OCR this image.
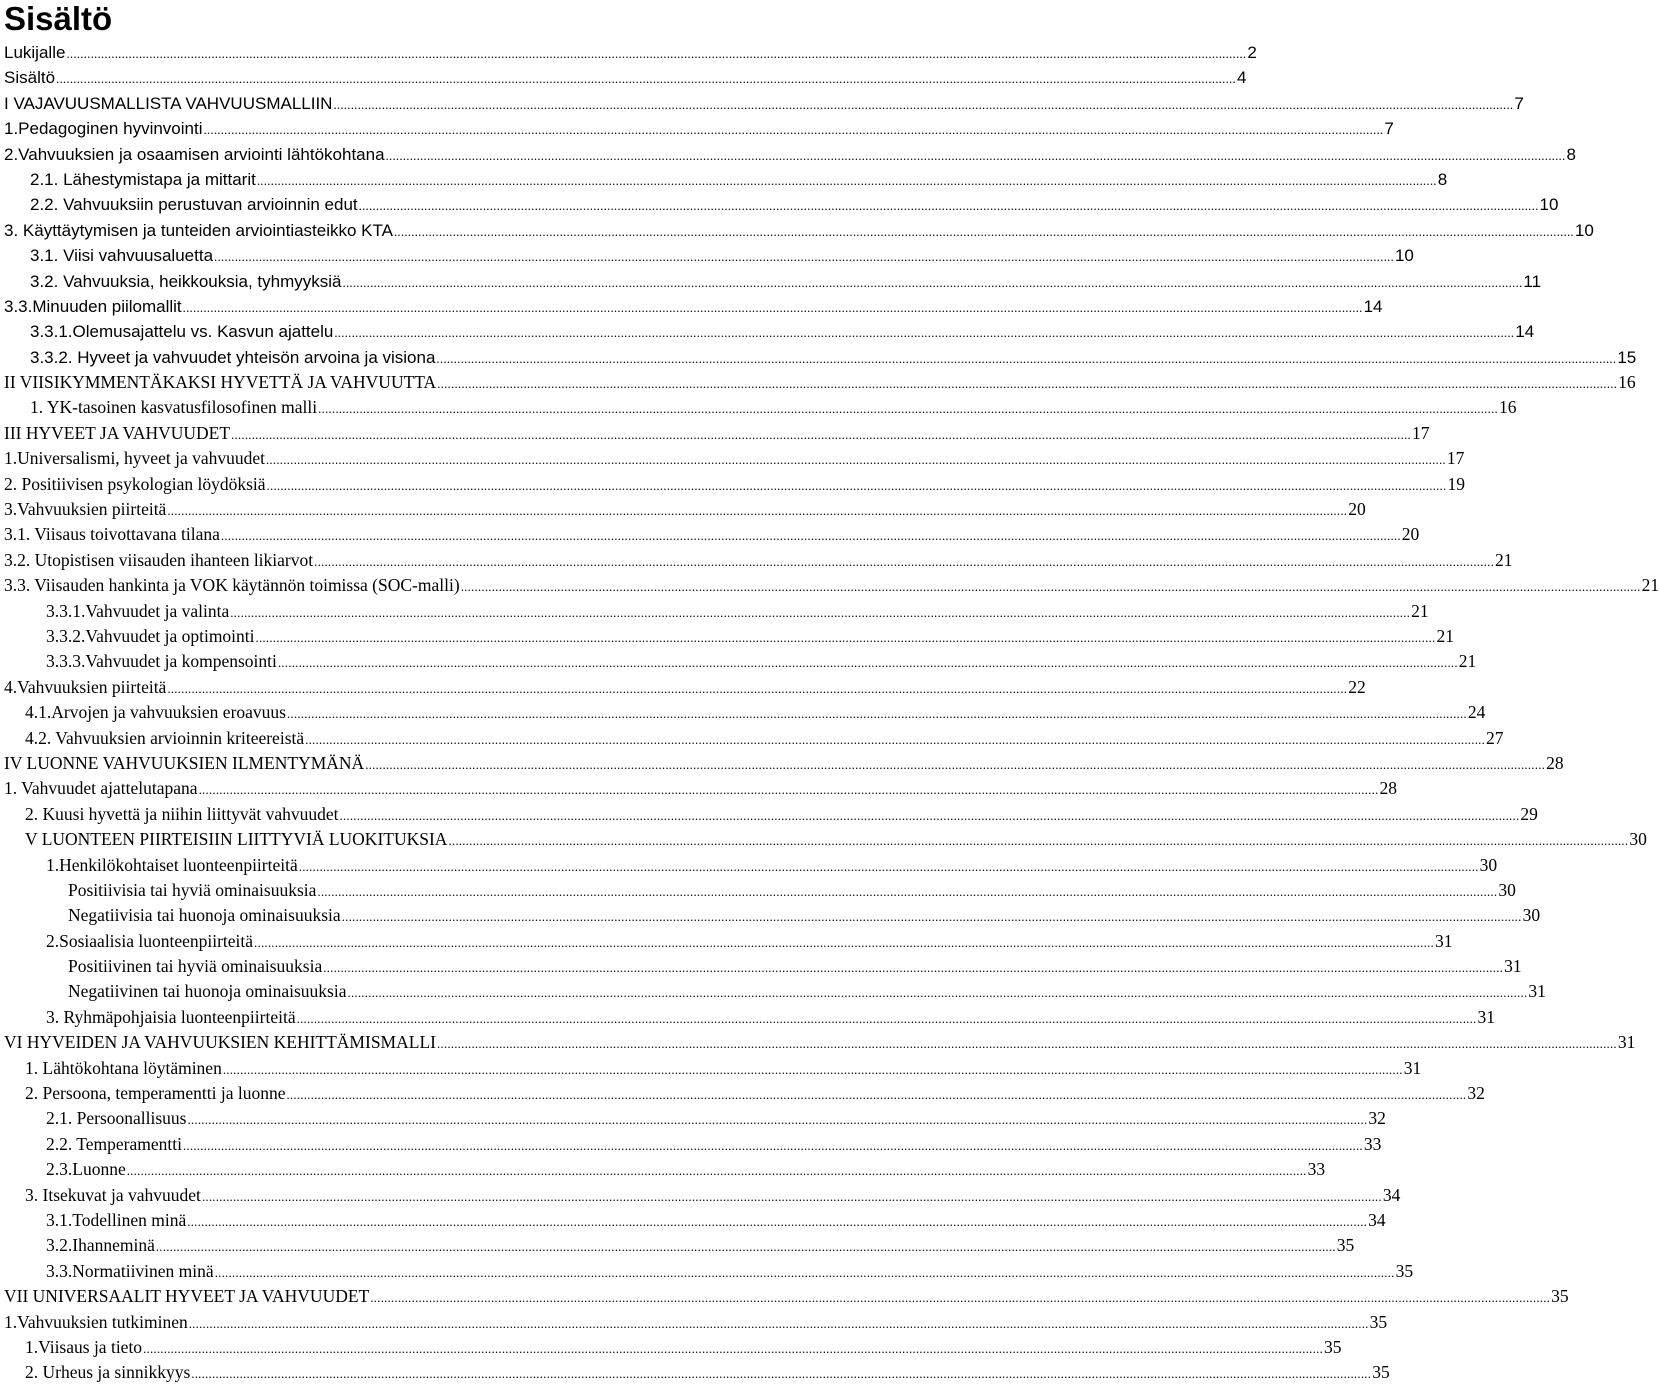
Sisältö
Lukijalle .....	2
Sisältö .....	4
I VAJAVUUSMALLISTA VAHVUUSMALLIIN .....	7
1.Pedagoginen hyvinvointi .....	7
2.Vahvuuksien ja osaamisen arviointi lähtökohtana .....	8
2.1. Lähestymistapa ja mittarit .....	8
2.2. Vahvuuksiin perustuvan arvioinnin edut .....	10
3. Käyttäytymisen ja tunteiden arviointiasteikko KTA .....	10
3.1. Viisi vahvuusaluetta .....	10
3.2. Vahvuuksia, heikkouksia, tyhmyyksiä .....	11
3.3.Minuuden piilomallit .....	14
3.3.1.Olemusajattelu vs. Kasvun ajattelu .....	14
3.3.2. Hyveet ja vahvuudet yhteisön arvoina ja visiona .....	15
II VIISIKYMMENTÄKAKSI HYVETTÄ JA VAHVUUTTA .....	16
1. YK-tasoinen kasvatusfilosofinen malli .....	16
III HYVEET JA VAHVUUDET .....	17
1.Universalismi, hyveet ja vahvuudet .....	17
2. Positiivisen psykologian löydöksiä .....	19
3.Vahvuuksien piirteitä .....	20
3.1. Viisaus toivottavana tilana .....	20
3.2. Utopistisen viisauden ihanteen likiarvot .....	21
3.3. Viisauden hankinta ja VOK käytännön toimissa (SOC-malli) .....	21
3.3.1.Vahvuudet ja valinta .....	21
3.3.2.Vahvuudet ja optimointi .....	21
3.3.3.Vahvuudet ja kompensointi .....	21
4.Vahvuuksien piirteitä .....	22
4.1.Arvojen ja vahvuuksien eroavuus .....	24
4.2. Vahvuuksien arvioinnin kriteereistä .....	27
IV LUONNE VAHVUUKSIEN ILMENTYMÄNÄ .....	28
1. Vahvuudet ajattelutapana .....	28
2. Kuusi hyvettä ja niihin liittyvät vahvuudet .....	29
V LUONTEEN PIIRTEISIIN LIITTYVIÄ LUOKITUKSIA .....	30
1.Henkilökohtaiset luonteenpiirteitä .....	30
Positiivisia tai hyviä ominaisuuksia .....	30
Negatiivisia tai huonoja ominaisuuksia .....	30
2.Sosiaalisia luonteenpiirteitä .....	31
Positiivinen tai hyviä ominaisuuksia .....	31
Negatiivinen tai huonoja ominaisuuksia .....	31
3. Ryhmäpohjaisia luonteenpiirteitä .....	31
VI HYVEIDEN JA VAHVUUKSIEN KEHITTÄMISMALLI .....	31
1. Lähtökohtana löytäminen .....	31
2. Persoona, temperamentti ja luonne .....	32
2.1. Persoonallisuus .....	32
2.2. Temperamentti .....	33
2.3.Luonne .....	33
3. Itsekuvat ja vahvuudet .....	34
3.1.Todellinen minä .....	34
3.2.Ihanneminä .....	35
3.3.Normatiivinen minä .....	35
VII UNIVERSAALIT HYVEET JA VAHVUUDET .....	35
1.Vahvuuksien tutkiminen .....	35
1.Viisaus ja tieto .....	35
2. Urheus ja sinnikkyys .....	35
